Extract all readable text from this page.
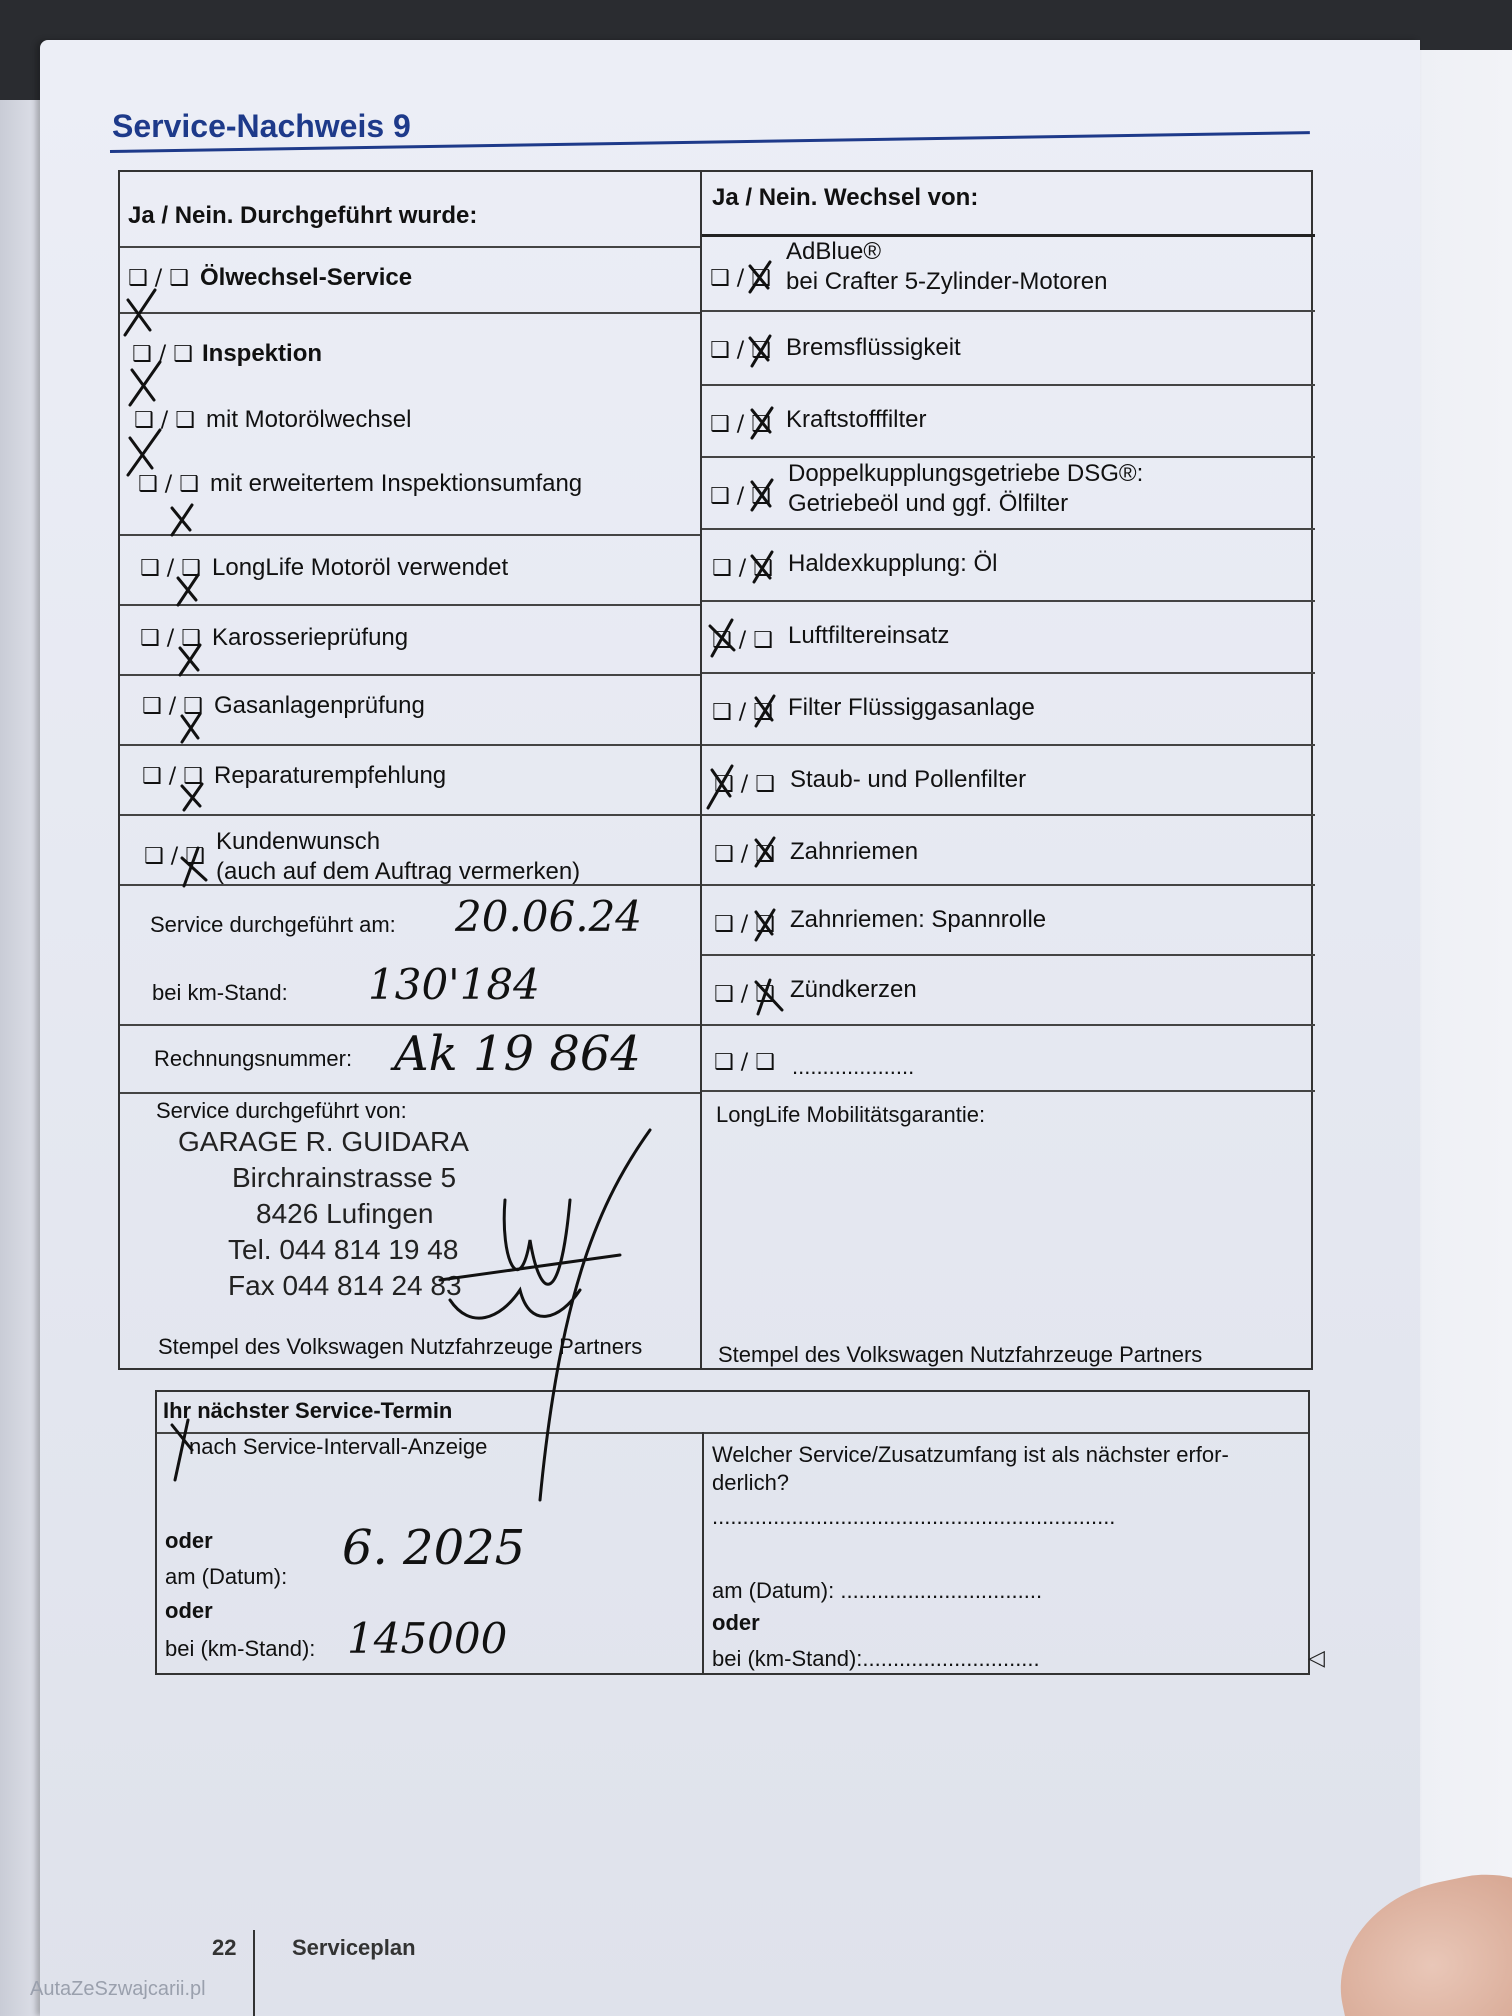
Service-Nachweis 9
Ja / Nein. Durchgeführt wurde:
Ja / Nein. Wechsel von:
❑ / ❑ Ölwechsel-Service
❑ / ❑ Inspektion
❑ / ❑ mit Motorölwechsel
❑ / ❑ mit erweitertem Inspektionsumfang
❑ / ❑ LongLife Motoröl verwendet
❑ / ❑ Karosserieprüfung
❑ / ❑ Gasanlagenprüfung
❑ / ❑ Reparaturempfehlung
❑ / ❑
Kundenwunsch
(auch auf dem Auftrag vermerken)
Service durchgeführt am: 20.06.24
bei km-Stand: 130'184
Rechnungsnummer: Ak 19 864
Service durchgeführt von:
GARAGE R. GUIDARA
Birchrainstrasse 5
8426 Lufingen
Tel. 044 814 19 48
Fax 044 814 24 83
Stempel des Volkswagen Nutzfahrzeuge Partners
❑ / ❑
AdBlue®
bei Crafter 5-Zylinder-Motoren
❑ / ❑ Bremsflüssigkeit
❑ / ❑ Kraftstofffilter
❑ / ❑
Doppelkupplungsgetriebe DSG®:
Getriebeöl und ggf. Ölfilter
❑ / ❑ Haldexkupplung: Öl
❑ / ❑ Luftfiltereinsatz
❑ / ❑ Filter Flüssiggasanlage
❑ / ❑ Staub- und Pollenfilter
❑ / ❑ Zahnriemen
❑ / ❑ Zahnriemen: Spannrolle
❑ / ❑ Zündkerzen
❑ / ❑ ....................
LongLife Mobilitätsgarantie:
Stempel des Volkswagen Nutzfahrzeuge Partners
Ihr nächster Service-Termin
nach Service-Intervall-Anzeige
oder
am (Datum):
6. 2025
oder
bei (km-Stand): 145000
Welcher Service/Zusatzumfang ist als nächster erfor-
derlich?
..................................................................
am (Datum): .................................
oder
bei (km-Stand):.............................	◁
22	Serviceplan
AutaZeSzwajcarii.pl
